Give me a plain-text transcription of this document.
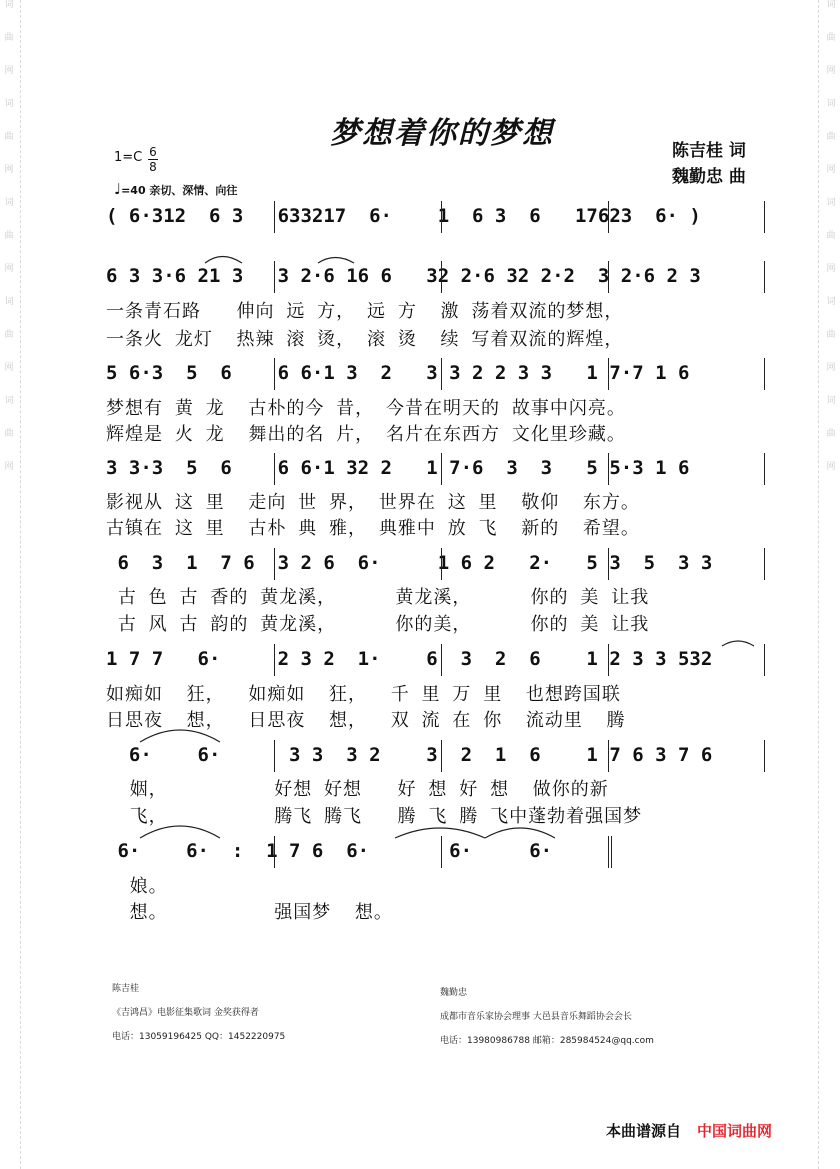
词
曲
网
词
曲
网
词
曲
网
词
曲
网
词
曲
网
词
曲
网
词
曲
网
词
曲
网
词
曲
网
词
曲
网
梦想着你的梦想	陈吉桂 词
魏勤忠 曲
1=C 6
8
♩=40 亲切、深情、向往
( 6·312  6 3   633217  6·    1  6 3  6   17623  6· )
6 3 3·6 21 3   3 2·6 16 6   32 2·6 32 2·2  3 2·6 2 3
一条青石路   伸向 远 方， 远 方  激 荡着双流的梦想，
一条火 龙灯  热辣 滚 烫， 滚 烫  续 写着双流的辉煌，
5 6·3  5  6    6 6·1 3  2   3 3 2 2 3 3   1 7·7 1 6
梦想有 黄 龙  古朴的今 昔， 今昔在明天的 故事中闪亮。
辉煌是 火 龙  舞出的名 片， 名片在东西方 文化里珍藏。
3 3·3  5  6    6 6·1 32 2   1 7·6  3  3   5 5·3 1 6
影视从 这 里  走向 世 界， 世界在 这 里  敬仰  东方。
古镇在 这 里  古朴 典 雅， 典雅中 放 飞  新的  希望。
6  3  1  7 6  3 2 6  6·     1 6 2   2·   5 3  5  3 3
古 色 古 香的 黄龙溪，     黄龙溪，     你的 美 让我
古 风 古 韵的 黄龙溪，     你的美，     你的 美 让我
1 7 7   6·     2 3 2  1·    6  3  2  6    1 2 3 3 532
如痴如  狂，  如痴如  狂，  千 里 万 里  也想跨国联
日思夜  想，  日思夜  想，  双 流 在 你  流动里  腾
6·    6·      3 3  3 2    3  2  1  6    1 7 6 3 7 6
姻，         好想 好想   好 想 好 想  做你的新
飞，         腾飞 腾飞   腾 飞 腾 飞中蓬勃着强国梦
6·    6·  :  1 7 6  6·       6·     6·
娘。
想。         强国梦  想。
陈吉桂
《吉鸿昌》电影征集歌词 金奖获得者
电话：13059196425 QQ：1452220975
魏勤忠
成都市音乐家协会理事 大邑县音乐舞蹈协会会长
电话：13980986788 邮箱：285984524@qq.com
本曲谱源自 中国词曲网
